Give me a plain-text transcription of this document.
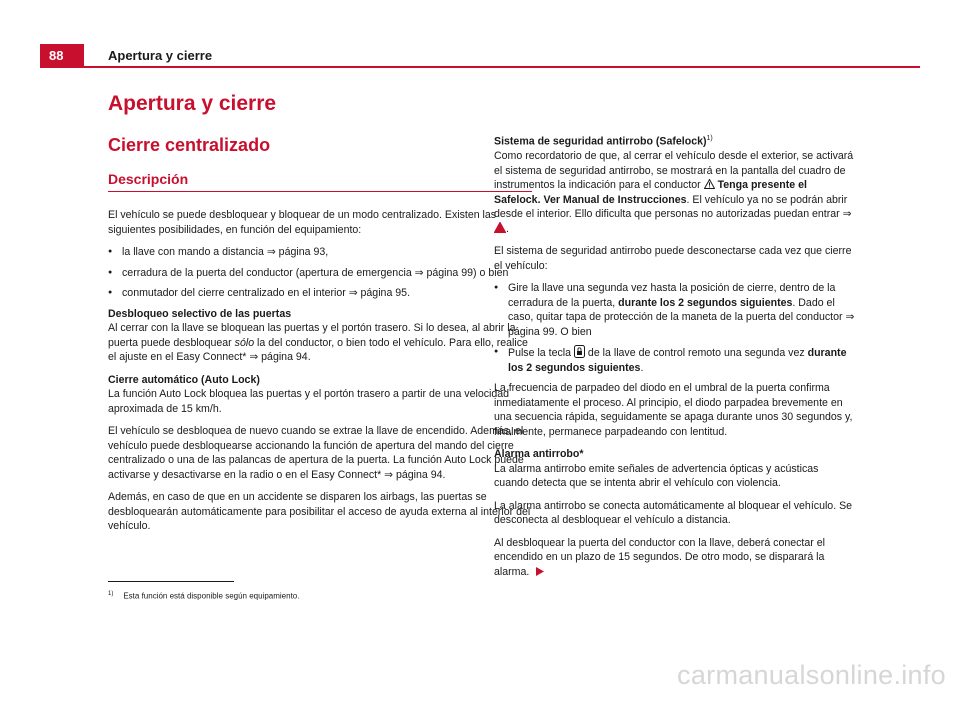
88	Apertura y cierre
Apertura y cierre
Cierre centralizado
Descripción

El vehículo se puede desbloquear y bloquear de un modo centralizado. Existen las siguientes posibilidades, en función del equipamiento:

● la llave con mando a distancia ⇒ página 93,
● cerradura de la puerta del conductor (apertura de emergencia ⇒ página 99) o bien
● conmutador del cierre centralizado en el interior ⇒ página 95.
Desbloqueo selectivo de las puertas

Al cerrar con la llave se bloquean las puertas y el portón trasero. Si lo desea, al abrir la puerta puede desbloquear sólo la del conductor, o bien todo el vehículo. Para ello, realice el ajuste en el Easy Connect* ⇒ página 94.

Cierre automático (Auto Lock)

La función Auto Lock bloquea las puertas y el portón trasero a partir de una velocidad aproximada de 15 km/h.

El vehículo se desbloquea de nuevo cuando se extrae la llave de encendido. Además, el vehículo puede desbloquearse accionando la función de apertura del mando del cierre centralizado o una de las palancas de apertura de la puerta. La función Auto Lock puede activarse y desactivarse en la radio o en el Easy Connect* ⇒ página 94.

Además, en caso de que en un accidente se disparen los airbags, las puertas se desbloquearán automáticamente para posibilitar el acceso de ayuda externa al interior del vehículo.

Sistema de seguridad antirrobo (Safelock)$^{1)}$

Como recordatorio de que, al cerrar el vehículo desde el exterior, se activará el sistema de seguridad antirrobo, se mostrará en la pantalla del cuadro de instrumentos la indicación para el conductor Tenga presente el Safelock. Ver Manual de Instrucciones. El vehículo ya no se podrán abrir desde el interior. Ello dificulta que personas no autorizadas puedan entrar ⇒ .

El sistema de seguridad antirrobo puede desconectarse cada vez que cierre el vehículo:

● Gire la llave una segunda vez hasta la posición de cierre, dentro de la cerradura de la puerta, durante los 2 segundos siguientes. Dado el caso, quitar tapa de protección de la maneta de la puerta del conductor ⇒ página 99. O bien
● Pulse la tecla de la llave de control remoto una segunda vez durante los 2 segundos siguientes.

La frecuencia de parpadeo del diodo en el umbral de la puerta confirma inmediatamente el proceso. Al principio, el diodo parpadea brevemente en una secuencia rápida, seguidamente se apaga durante unos 30 segundos y, finalmente, permanece parpadeando con lentitud.

Alarma antirrobo*

La alarma antirrobo emite señales de advertencia ópticas y acústicas cuando detecta que se intenta abrir el vehículo con violencia.

La alarma antirrobo se conecta automáticamente al bloquear el vehículo. Se desconecta al desbloquear el vehículo a distancia.

Al desbloquear la puerta del conductor con la llave, deberá conectar el encendido en un plazo de 15 segundos. De otro modo, se disparará la alarma.

$^{1)}$ Esta función está disponible según equipamiento.
carmanualsonline.info
